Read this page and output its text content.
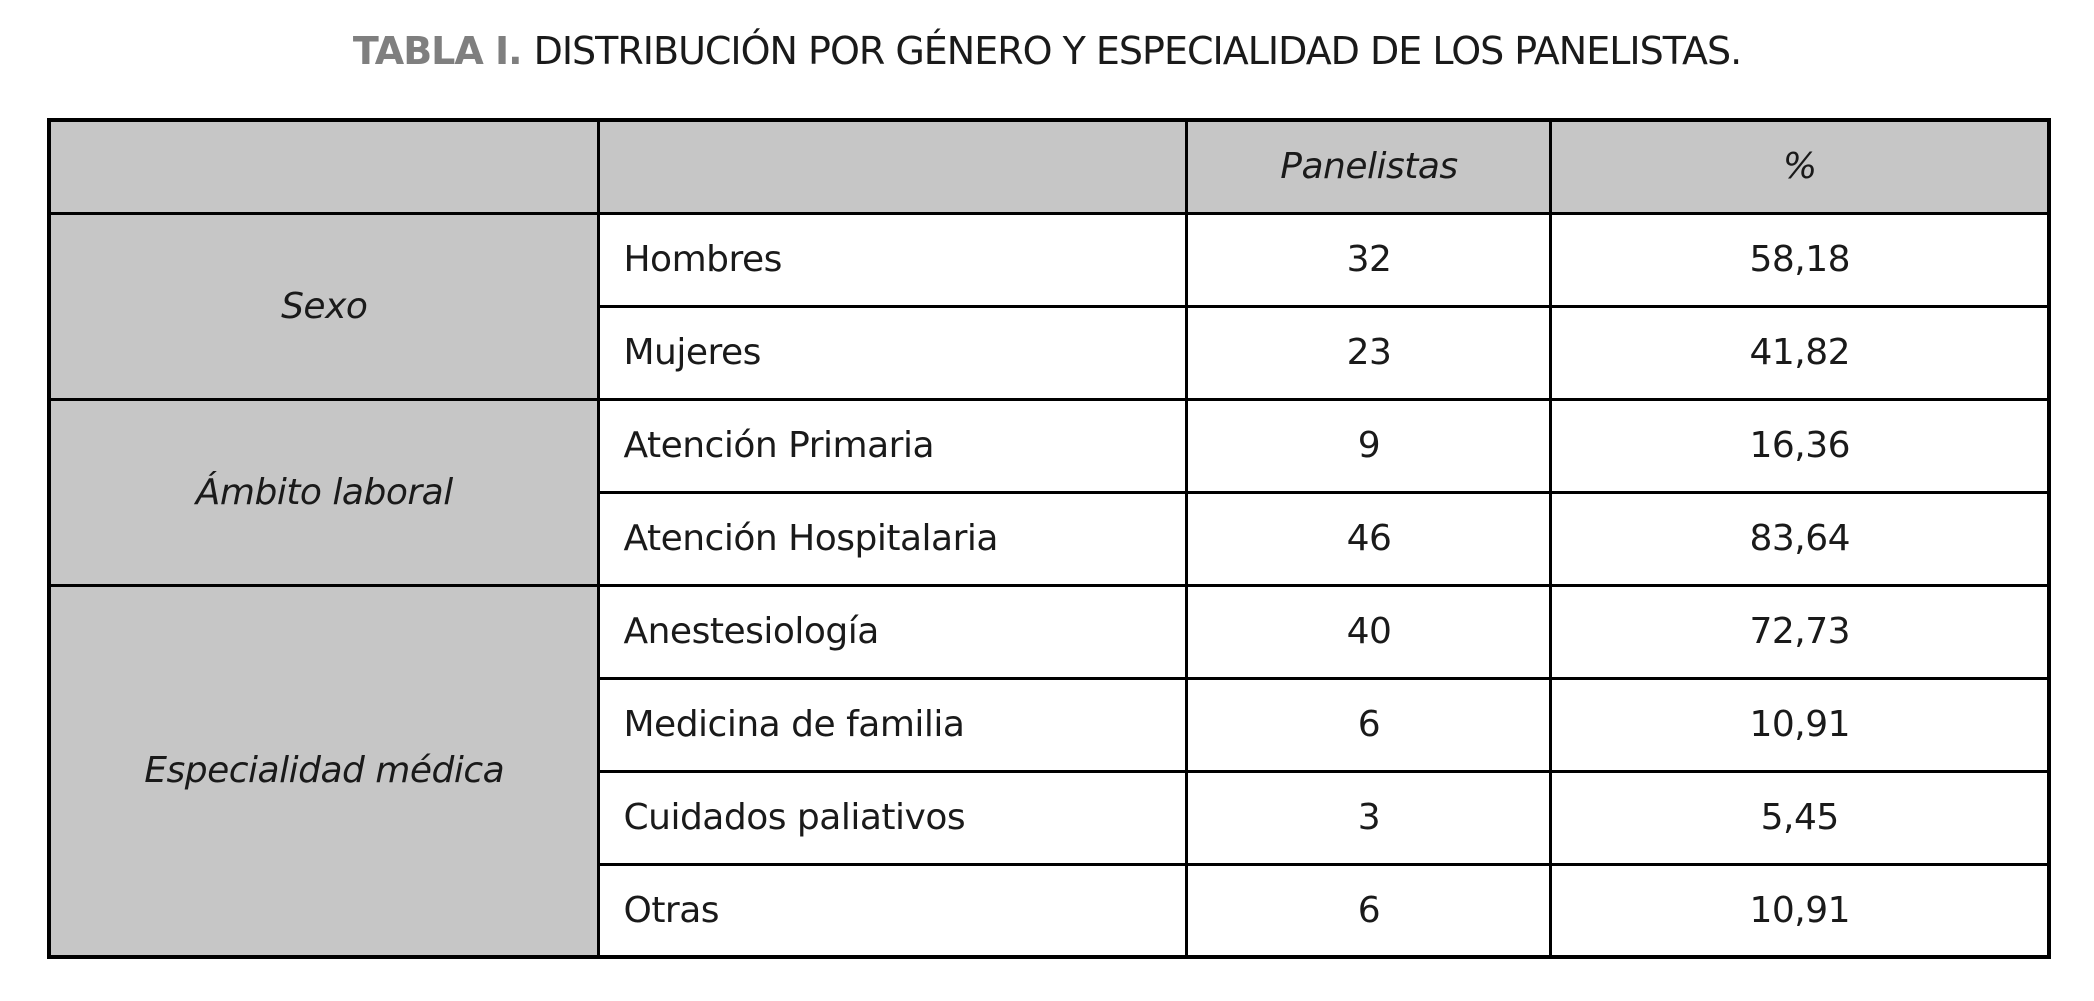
TABLA I. DISTRIBUCIÓN POR GÉNERO Y ESPECIALIDAD DE LOS PANELISTAS.
		Panelistas	%
Sexo	Hombres	32	58,18
	Mujeres	23	41,82
Ámbito laboral	Atención Primaria	9	16,36
	Atención Hospitalaria	46	83,64
Especialidad médica	Anestesiología	40	72,73
	Medicina de familia	6	10,91
	Cuidados paliativos	3	5,45
	Otras	6	10,91
